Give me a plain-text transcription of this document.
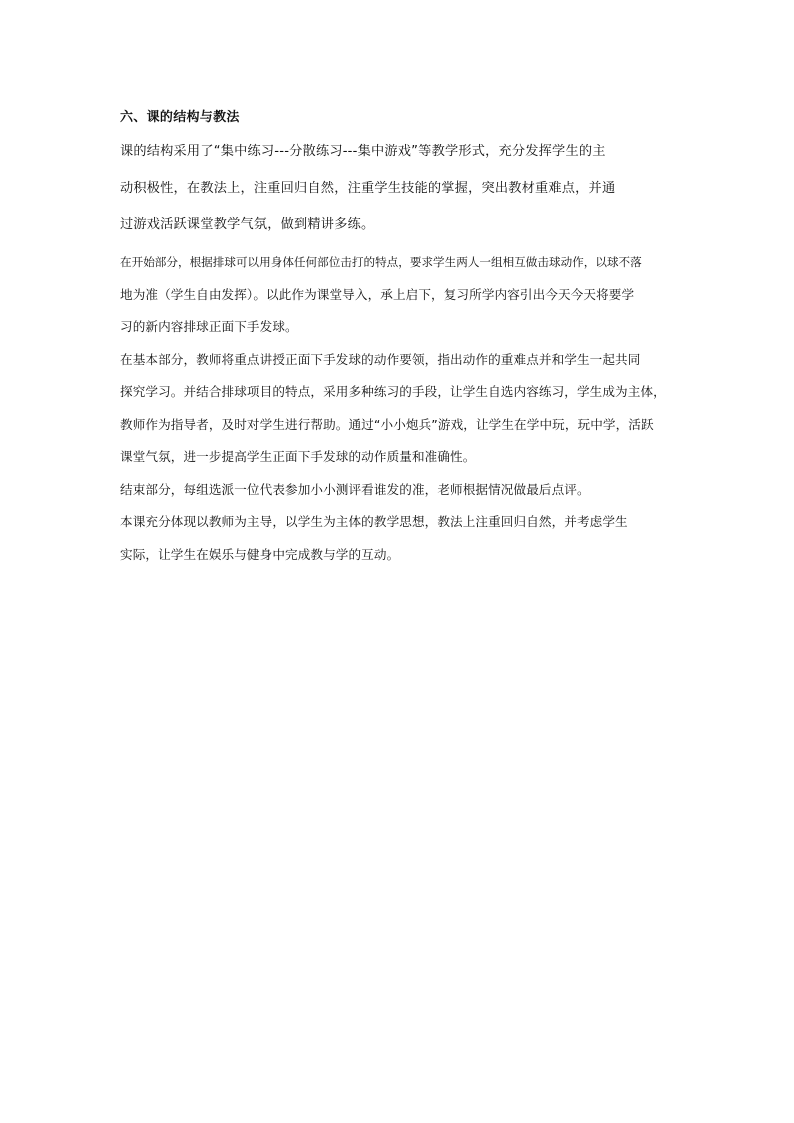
六、课的结构与教法
课的结构采用了“集中练习---分散练习---集中游戏”等教学形式，充分发挥学生的主
动积极性，在教法上，注重回归自然，注重学生技能的掌握，突出教材重难点，并通
过游戏活跃课堂教学气氛，做到精讲多练。
在开始部分，根据排球可以用身体任何部位击打的特点，要求学生两人一组相互做击球动作，以球不落
地为准（学生自由发挥）。以此作为课堂导入，承上启下，复习所学内容引出今天今天将要学
习的新内容排球正面下手发球。
在基本部分，教师将重点讲授正面下手发球的动作要领，指出动作的重难点并和学生一起共同
探究学习。并结合排球项目的特点，采用多种练习的手段，让学生自选内容练习，学生成为主体，
教师作为指导者，及时对学生进行帮助。通过“小小炮兵”游戏，让学生在学中玩，玩中学，活跃
课堂气氛，进一步提高学生正面下手发球的动作质量和准确性。
结束部分，每组选派一位代表参加小小测评看谁发的准，老师根据情况做最后点评。
本课充分体现以教师为主导，以学生为主体的教学思想，教法上注重回归自然，并考虑学生
实际，让学生在娱乐与健身中完成教与学的互动。
